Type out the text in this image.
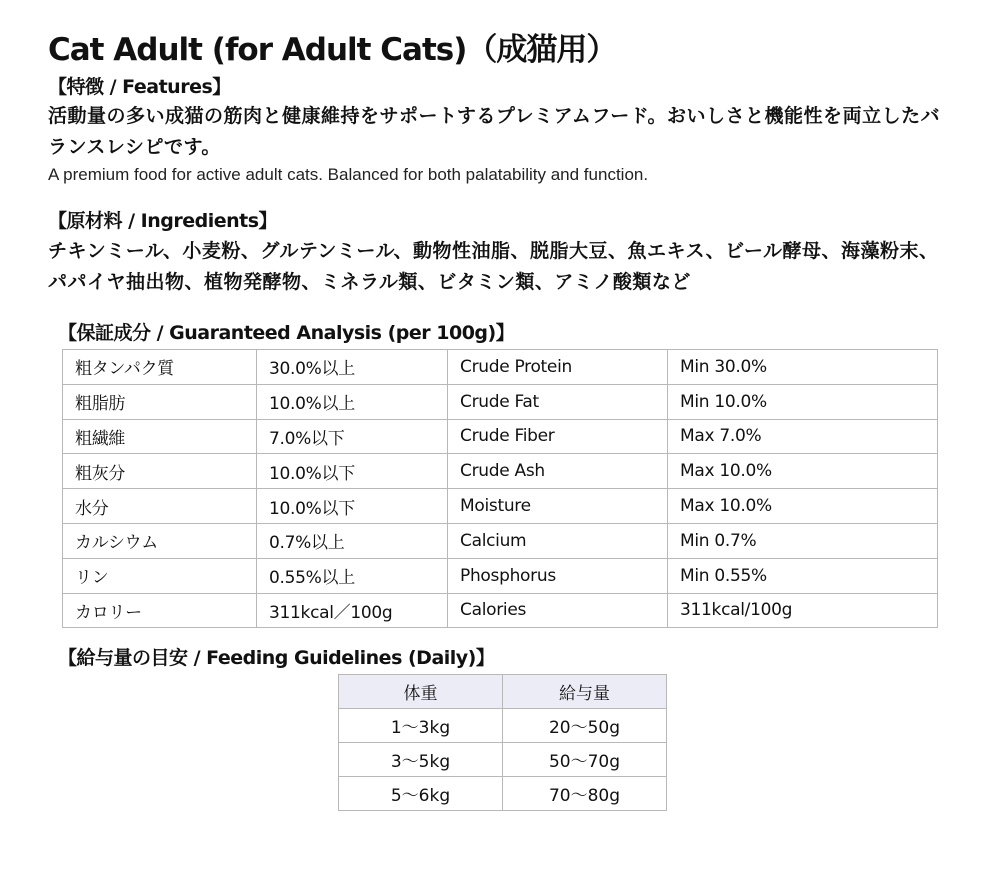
Cat Adult (for Adult Cats)（成猫用）

【特徴 / Features】

活動量の多い成猫の筋肉と健康維持をサポートするプレミアムフード。おいしさと機能性を両立したバランスレシピです。

A premium food for active adult cats. Balanced for both palatability and function.

【原材料 / Ingredients】

チキンミール、小麦粉、グルテンミール、動物性油脂、脱脂大豆、魚エキス、ビール酵母、海藻粉末、パパイヤ抽出物、植物発酵物、ミネラル類、ビタミン類、アミノ酸類など

【保証成分 / Guaranteed Analysis (per 100g)】

粗タンパク質	30.0%以上	Crude Protein	Min 30.0%
粗脂肪	10.0%以上	Crude Fat	Min 10.0%
粗繊維	7.0%以下	Crude Fiber	Max 7.0%
粗灰分	10.0%以下	Crude Ash	Max 10.0%
水分	10.0%以下	Moisture	Max 10.0%
カルシウム	0.7%以上	Calcium	Min 0.7%
リン	0.55%以上	Phosphorus	Min 0.55%
カロリー	311kcal／100g	Calories	311kcal/100g

【給与量の目安 / Feeding Guidelines (Daily)】

体重	給与量
1〜3kg	20〜50g
3〜5kg	50〜70g
5〜6kg	70〜80g
